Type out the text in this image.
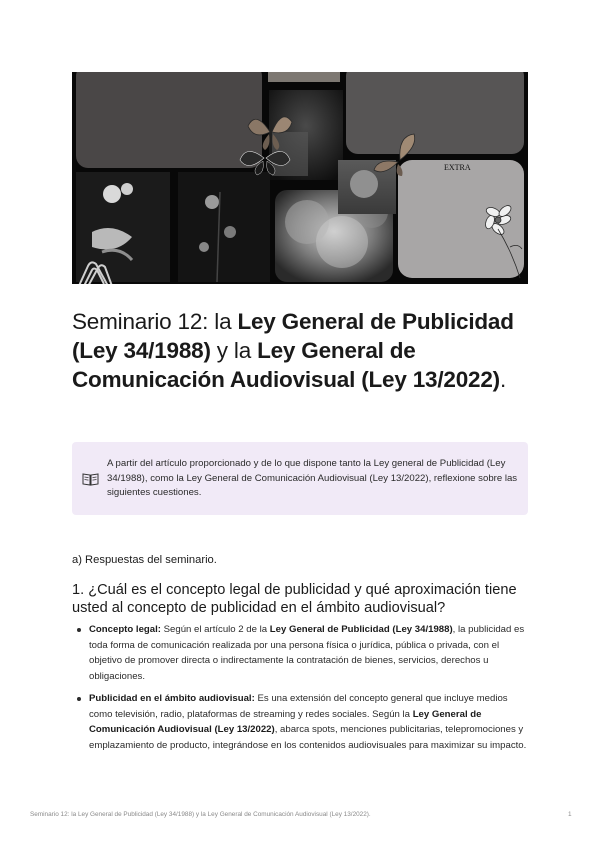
EXTRA
Seminario 12: la Ley General de Publicidad (Ley 34/1988) y la Ley General de Comunicación Audiovisual (Ley 13/2022).
A partir del artículo proporcionado y de lo que dispone tanto la Ley general de Publicidad (Ley 34/1988), como la Ley General de Comunicación Audiovisual (Ley 13/2022), reflexione sobre las siguientes cuestiones.
a) Respuestas del seminario.
1. ¿Cuál es el concepto legal de publicidad y qué aproximación tiene usted al concepto de publicidad en el ámbito audiovisual?
Concepto legal: Según el artículo 2 de la Ley General de Publicidad (Ley 34/1988), la publicidad es toda forma de comunicación realizada por una persona física o jurídica, pública o privada, con el objetivo de promover directa o indirectamente la contratación de bienes, servicios, derechos u obligaciones.
Publicidad en el ámbito audiovisual: Es una extensión del concepto general que incluye medios como televisión, radio, plataformas de streaming y redes sociales. Según la Ley General de Comunicación Audiovisual (Ley 13/2022), abarca spots, menciones publicitarias, telepromociones y emplazamiento de producto, integrándose en los contenidos audiovisuales para maximizar su impacto.
Seminario 12: la Ley General de Publicidad (Ley 34/1988) y la Ley General de Comunicación Audiovisual (Ley 13/2022).	1
